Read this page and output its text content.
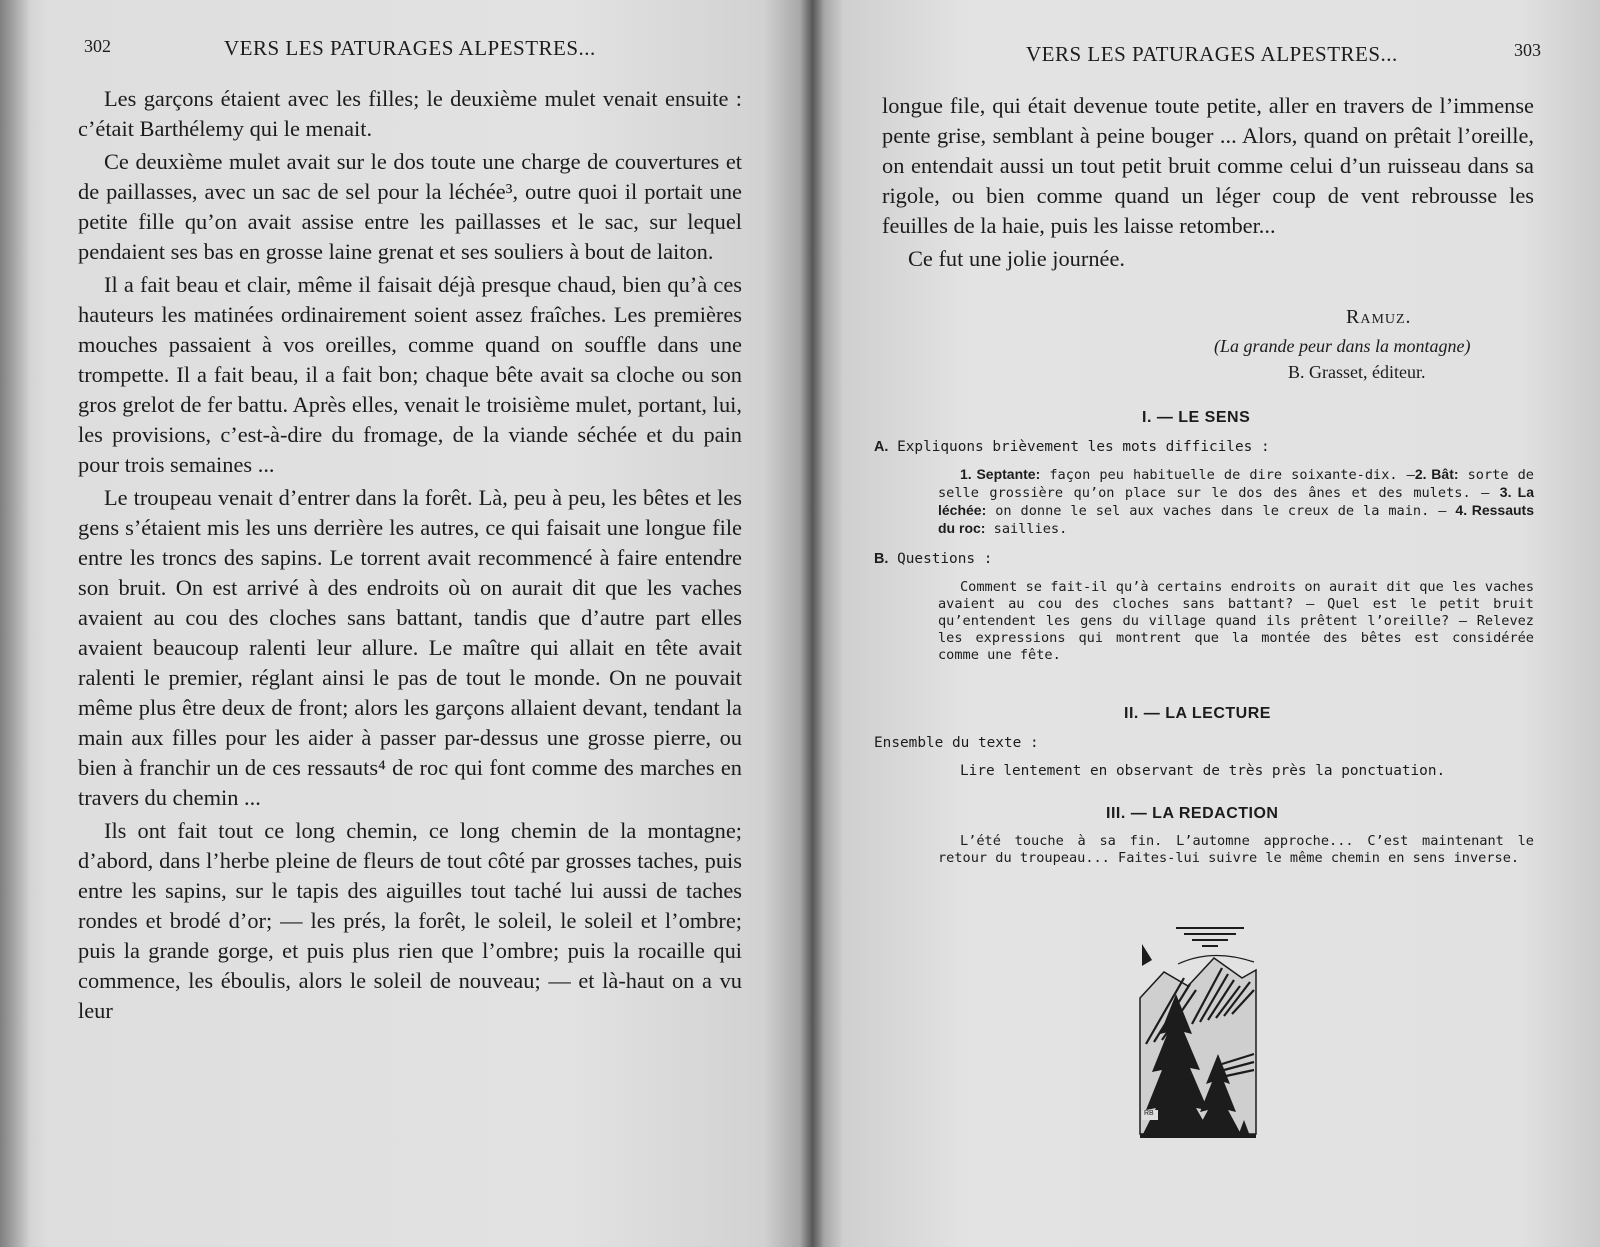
302	VERS LES PATURAGES ALPESTRES...

Les garçons étaient avec les filles; le deuxième mulet venait ensuite : c’était Barthélemy qui le menait.

Ce deuxième mulet avait sur le dos toute une charge de couvertures et de paillasses, avec un sac de sel pour la léchée³, outre quoi il portait une petite fille qu’on avait assise entre les paillasses et le sac, sur lequel pendaient ses bas en grosse laine grenat et ses souliers à bout de laiton.

Il a fait beau et clair, même il faisait déjà presque chaud, bien qu’à ces hauteurs les matinées ordinairement soient assez fraîches. Les premières mouches passaient à vos oreilles, comme quand on souffle dans une trompette. Il a fait beau, il a fait bon; chaque bête avait sa cloche ou son gros grelot de fer battu. Après elles, venait le troisième mulet, portant, lui, les provisions, c’est-à-dire du fromage, de la viande séchée et du pain pour trois semaines ...

Le troupeau venait d’entrer dans la forêt. Là, peu à peu, les bêtes et les gens s’étaient mis les uns derrière les autres, ce qui faisait une longue file entre les troncs des sapins. Le torrent avait recommencé à faire entendre son bruit. On est arrivé à des endroits où on aurait dit que les vaches avaient au cou des cloches sans battant, tandis que d’autre part elles avaient beaucoup ralenti leur allure. Le maître qui allait en tête avait ralenti le premier, réglant ainsi le pas de tout le monde. On ne pouvait même plus être deux de front; alors les garçons allaient devant, tendant la main aux filles pour les aider à passer par-dessus une grosse pierre, ou bien à franchir un de ces ressauts⁴ de roc qui font comme des marches en travers du chemin ...

Ils ont fait tout ce long chemin, ce long chemin de la montagne; d’abord, dans l’herbe pleine de fleurs de tout côté par grosses taches, puis entre les sapins, sur le tapis des aiguilles tout taché lui aussi de taches rondes et brodé d’or; — les prés, la forêt, le soleil, le soleil et l’ombre; puis la grande gorge, et puis plus rien que l’ombre; puis la rocaille qui commence, les éboulis, alors le soleil de nouveau; — et là-haut on a vu leur

VERS LES PATURAGES ALPESTRES...	303

longue file, qui était devenue toute petite, aller en travers de l’immense pente grise, semblant à peine bouger ... Alors, quand on prêtait l’oreille, on entendait aussi un tout petit bruit comme celui d’un ruisseau dans sa rigole, ou bien comme quand un léger coup de vent rebrousse les feuilles de la haie, puis les laisse retomber...

Ce fut une jolie journée.

Ramuz.
(La grande peur dans la montagne)
B. Grasset, éditeur.
I. — LE SENS
A. Expliquons brièvement les mots difficiles :
1. Septante: façon peu habituelle de dire soixante-dix. —2. Bât: sorte de selle grossière qu’on place sur le dos des ânes et des mulets. — 3. La léchée: on donne le sel aux vaches dans le creux de la main. — 4. Ressauts du roc: saillies.
B. Questions :
Comment se fait-il qu’à certains endroits on aurait dit que les vaches avaient au cou des cloches sans battant? — Quel est le petit bruit qu’entendent les gens du village quand ils prêtent l’oreille? — Relevez les expressions qui montrent que la montée des bêtes est considérée comme une fête.
II. — LA LECTURE
Ensemble du texte :
Lire lentement en observant de très près la ponctuation.
III. — LA REDACTION
L’été touche à sa fin. L’automne approche... C’est maintenant le retour du troupeau... Faites-lui suivre le même chemin en sens inverse.
RB
